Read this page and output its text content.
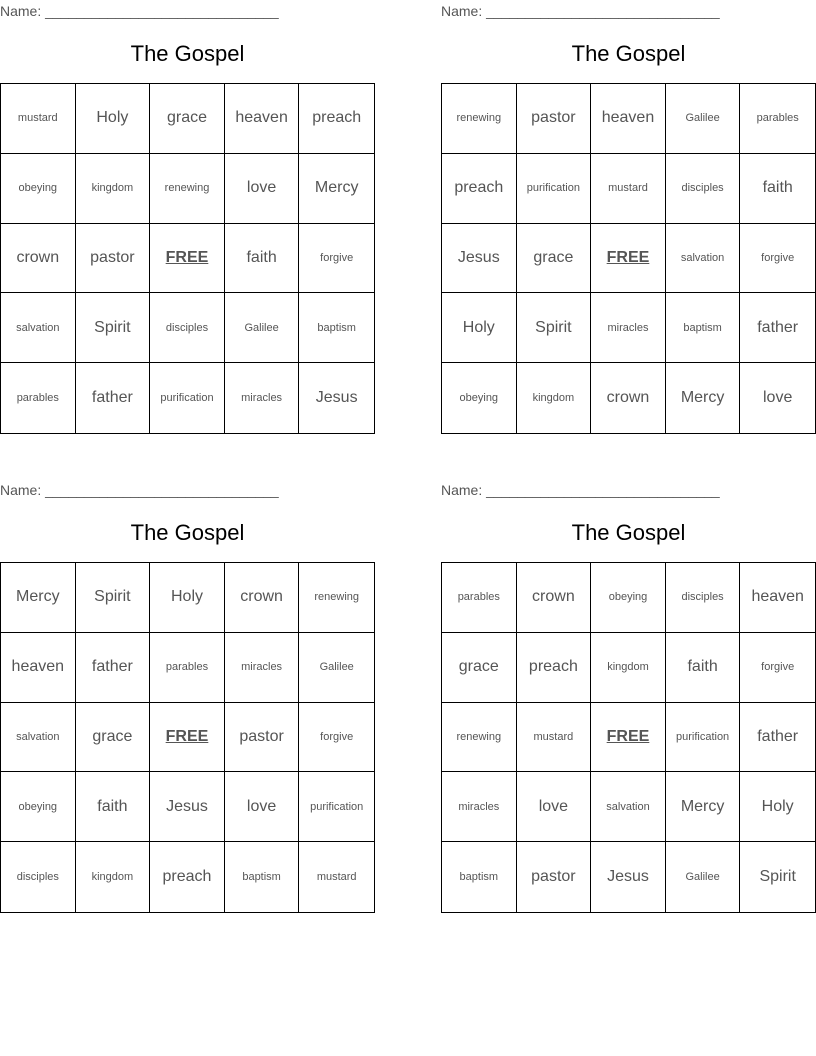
Name: ______________________________
The Gospel
mustard	Holy	grace	heaven	preach
obeying	kingdom	renewing	love	Mercy
crown	pastor	FREE	faith	forgive
salvation	Spirit	disciples	Galilee	baptism
parables	father	purification	miracles	Jesus
Name: ______________________________
The Gospel
renewing	pastor	heaven	Galilee	parables
preach	purification	mustard	disciples	faith
Jesus	grace	FREE	salvation	forgive
Holy	Spirit	miracles	baptism	father
obeying	kingdom	crown	Mercy	love
Name: ______________________________
The Gospel
Mercy	Spirit	Holy	crown	renewing
heaven	father	parables	miracles	Galilee
salvation	grace	FREE	pastor	forgive
obeying	faith	Jesus	love	purification
disciples	kingdom	preach	baptism	mustard
Name: ______________________________
The Gospel
parables	crown	obeying	disciples	heaven
grace	preach	kingdom	faith	forgive
renewing	mustard	FREE	purification	father
miracles	love	salvation	Mercy	Holy
baptism	pastor	Jesus	Galilee	Spirit
